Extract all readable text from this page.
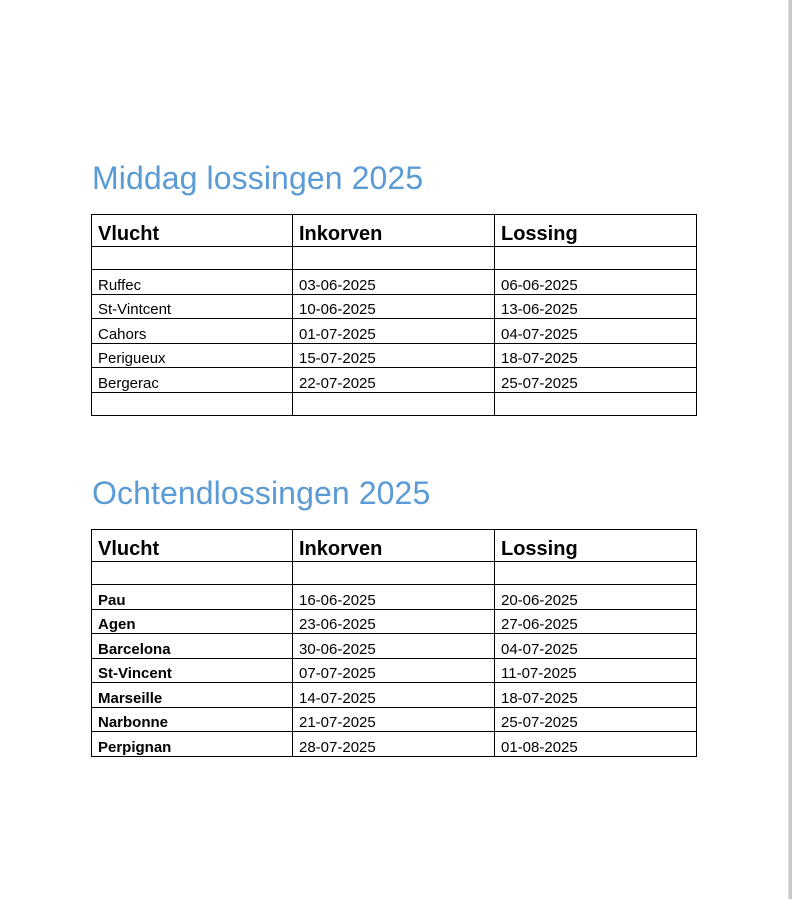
Middag lossingen 2025
Vlucht	Inkorven	Lossing

Ruffec	03-06-2025	06-06-2025
St-Vintcent	10-06-2025	13-06-2025
Cahors	01-07-2025	04-07-2025
Perigueux	15-07-2025	18-07-2025
Bergerac	22-07-2025	25-07-2025

Ochtendlossingen 2025
Vlucht	Inkorven	Lossing

Pau	16-06-2025	20-06-2025
Agen	23-06-2025	27-06-2025
Barcelona	30-06-2025	04-07-2025
St-Vincent	07-07-2025	11-07-2025
Marseille	14-07-2025	18-07-2025
Narbonne	21-07-2025	25-07-2025
Perpignan	28-07-2025	01-08-2025
